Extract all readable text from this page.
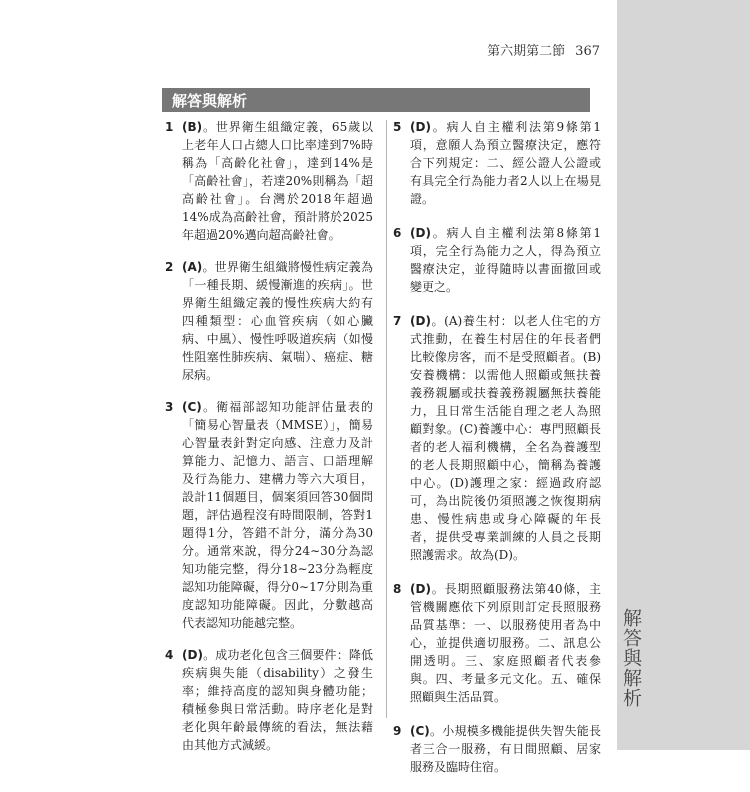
解答與解析
第六期第二節 367
解答與解析
1 (B)。世界衛生組織定義，65歲以上老年人口占總人口比率達到7%時稱為「高齡化社會」，達到14%是「高齡社會」，若達20%則稱為「超高齡社會」。台灣於2018年超過14%成為高齡社會，預計將於2025年超過20%邁向超高齡社會。
2 (A)。世界衛生組織將慢性病定義為「一種長期、緩慢漸進的疾病」。世界衛生組織定義的慢性疾病大約有四種類型：心血管疾病（如心臟病、中風）、慢性呼吸道疾病（如慢性阻塞性肺疾病、氣喘）、癌症、糖尿病。
3 (C)。衛福部認知功能評估量表的「簡易心智量表（MMSE）」，簡易心智量表針對定向感、注意力及計算能力、記憶力、語言、口語理解及行為能力、建構力等六大項目，設計11個題目，個案須回答30個問題，評估過程沒有時間限制，答對1題得1分，答錯不計分，滿分為30分。通常來說，得分24∼30分為認知功能完整，得分18∼23分為輕度認知功能障礙，得分0∼17分則為重度認知功能障礙。因此，分數越高代表認知功能越完整。
4 (D)。成功老化包含三個要件：降低疾病與失能（disability）之發生率；維持高度的認知與身體功能；積極參與日常活動。時序老化是對老化與年齡最傳統的看法，無法藉由其他方式減緩。
5 (D)。病人自主權利法第9條第1項，意願人為預立醫療決定，應符合下列規定：二、經公證人公證或有具完全行為能力者2人以上在場見證。
6 (D)。病人自主權利法第8條第1項，完全行為能力之人，得為預立醫療決定，並得隨時以書面撤回或變更之。
7 (D)。(A)養生村：以老人住宅的方式推動，在養生村居住的年長者們比較像房客，而不是受照顧者。(B)安養機構：以需他人照顧或無扶養義務親屬或扶養義務親屬無扶養能力，且日常生活能自理之老人為照顧對象。(C)養護中心：專門照顧長者的老人福利機構，全名為養護型的老人長期照顧中心，簡稱為養護中心。(D)護理之家：經過政府認可，為出院後仍須照護之恢復期病患、慢性病患或身心障礙的年長者，提供受專業訓練的人員之長期照護需求。故為(D)。
8 (D)。長期照顧服務法第40條，主管機關應依下列原則訂定長照服務品質基準：一、以服務使用者為中心，並提供適切服務。二、訊息公開透明。三、家庭照顧者代表參與。四、考量多元文化。五、確保照顧與生活品質。
9 (C)。小規模多機能提供失智失能長者三合一服務，有日間照顧、居家服務及臨時住宿。
